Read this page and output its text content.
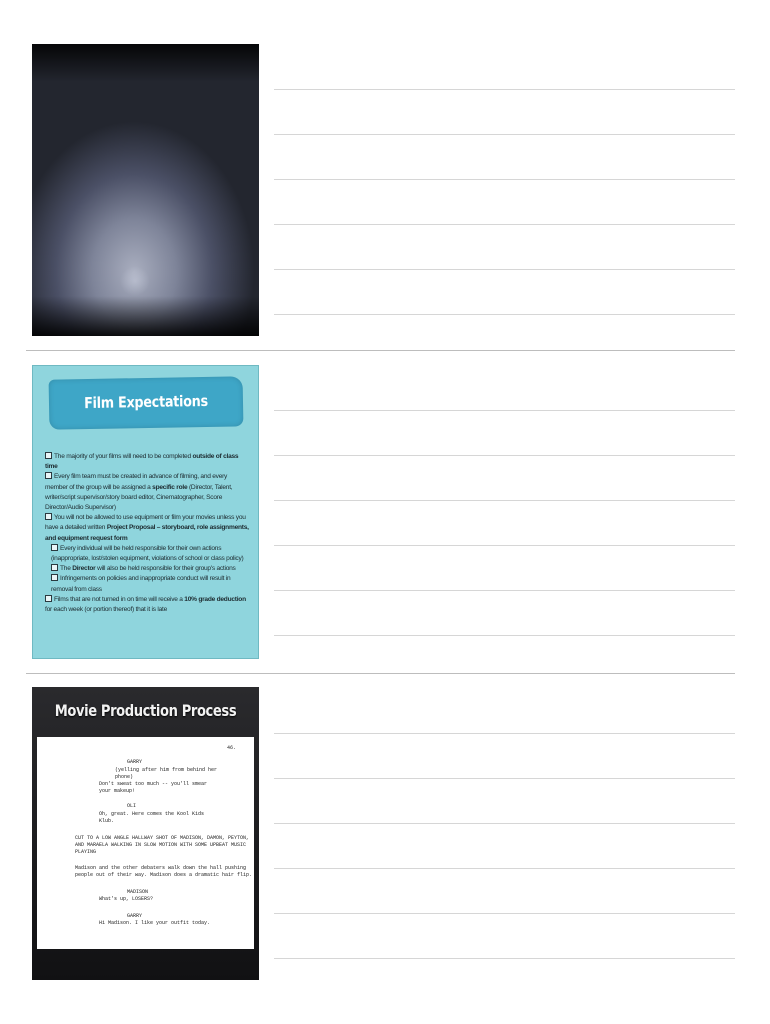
Film Expectations

The majority of your films will need to be completed outside of class time

Every film team must be created in advance of filming, and every member of the group will be assigned a specific role (Director, Talent, writer/script supervisor/story board editor, Cinematographer, Score Director/Audio Supervisor)

You will not be allowed to use equipment or film your movies unless you have a detailed written Project Proposal – storyboard, role assignments, and equipment request form

Every individual will be held responsible for their own actions (inappropriate, lost/stolen equipment, violations of school or class policy)

The Director will also be held responsible for their group's actions

Infringements on policies and inappropriate conduct will result in removal from class

Films that are not turned in on time will receive a 10% grade deduction for each week (or portion thereof) that it is late

Movie Production Process
46.
GARRY
(yelling after him from behind her
phone)
Don't sweat too much -- you'll smear
your makeup!
OLI
Oh, great. Here comes the Kool Kids
Klub.
CUT TO A LOW ANGLE HALLWAY SHOT OF MADISON, DAMON, PEYTON,
AND MARAELA WALKING IN SLOW MOTION WITH SOME UPBEAT MUSIC
PLAYING
Madison and the other debaters walk down the hall pushing
people out of their way. Madison does a dramatic hair flip.
MADISON
What's up, LOSERS?
GARRY
Hi Madison. I like your outfit today.
